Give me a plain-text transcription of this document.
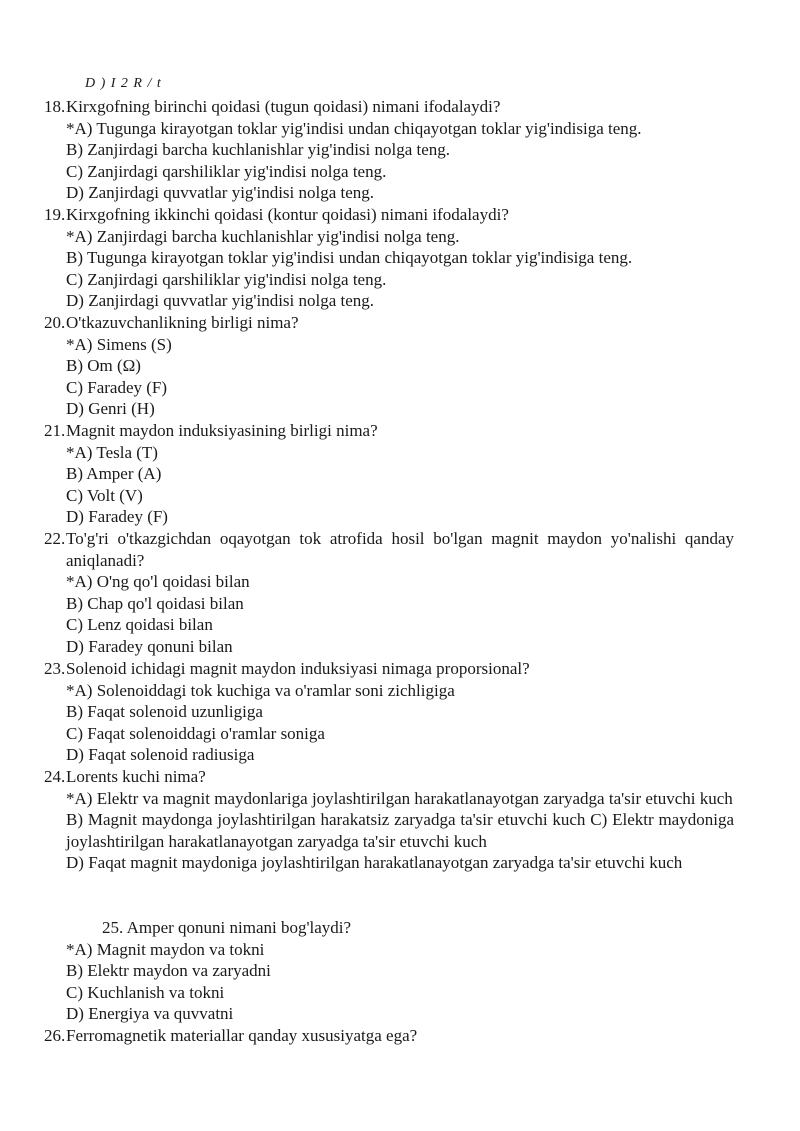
D ) I 2 R / t
18. Kirxgofning birinchi qoidasi (tugun qoidasi) nimani ifodalaydi?
*A) Tugunga kirayotgan toklar yig'indisi undan chiqayotgan toklar yig'indisiga teng.
B) Zanjirdagi barcha kuchlanishlar yig'indisi nolga teng.
C) Zanjirdagi qarshiliklar yig'indisi nolga teng.
D) Zanjirdagi quvvatlar yig'indisi nolga teng.
19. Kirxgofning ikkinchi qoidasi (kontur qoidasi) nimani ifodalaydi?
*A) Zanjirdagi barcha kuchlanishlar yig'indisi nolga teng.
B) Tugunga kirayotgan toklar yig'indisi undan chiqayotgan toklar yig'indisiga teng.
C) Zanjirdagi qarshiliklar yig'indisi nolga teng.
D) Zanjirdagi quvvatlar yig'indisi nolga teng.
20. O'tkazuvchanlikning birligi nima?
*A) Simens (S)
B) Om (Ω)
C) Faradey (F)
D) Genri (H)
21. Magnit maydon induksiyasining birligi nima?
*A) Tesla (T)
B) Amper (A)
C) Volt (V)
D) Faradey (F)
22. To'g'ri o'tkazgichdan oqayotgan tok atrofida hosil bo'lgan magnit maydon yo'nalishi qanday aniqlanadi?
*A) O'ng qo'l qoidasi bilan
B) Chap qo'l qoidasi bilan
C) Lenz qoidasi bilan
D) Faradey qonuni bilan
23. Solenoid ichidagi magnit maydon induksiyasi nimaga proporsional?
*A) Solenoiddagi tok kuchiga va o'ramlar soni zichligiga
B) Faqat solenoid uzunligiga
C) Faqat solenoiddagi o'ramlar soniga
D) Faqat solenoid radiusiga
24. Lorents kuchi nima?
*A) Elektr va magnit maydonlariga joylashtirilgan harakatlanayotgan zaryadga ta'sir etuvchi kuch
B) Magnit maydonga joylashtirilgan harakatsiz zaryadga ta'sir etuvchi kuch C) Elektr maydoniga joylashtirilgan harakatlanayotgan zaryadga ta'sir etuvchi kuch
D) Faqat magnit maydoniga joylashtirilgan harakatlanayotgan zaryadga ta'sir etuvchi kuch
25. Amper qonuni nimani bog'laydi?
*A) Magnit maydon va tokni
B) Elektr maydon va zaryadni
C) Kuchlanish va tokni
D) Energiya va quvvatni
26. Ferromagnetik materiallar qanday xususiyatga ega?
